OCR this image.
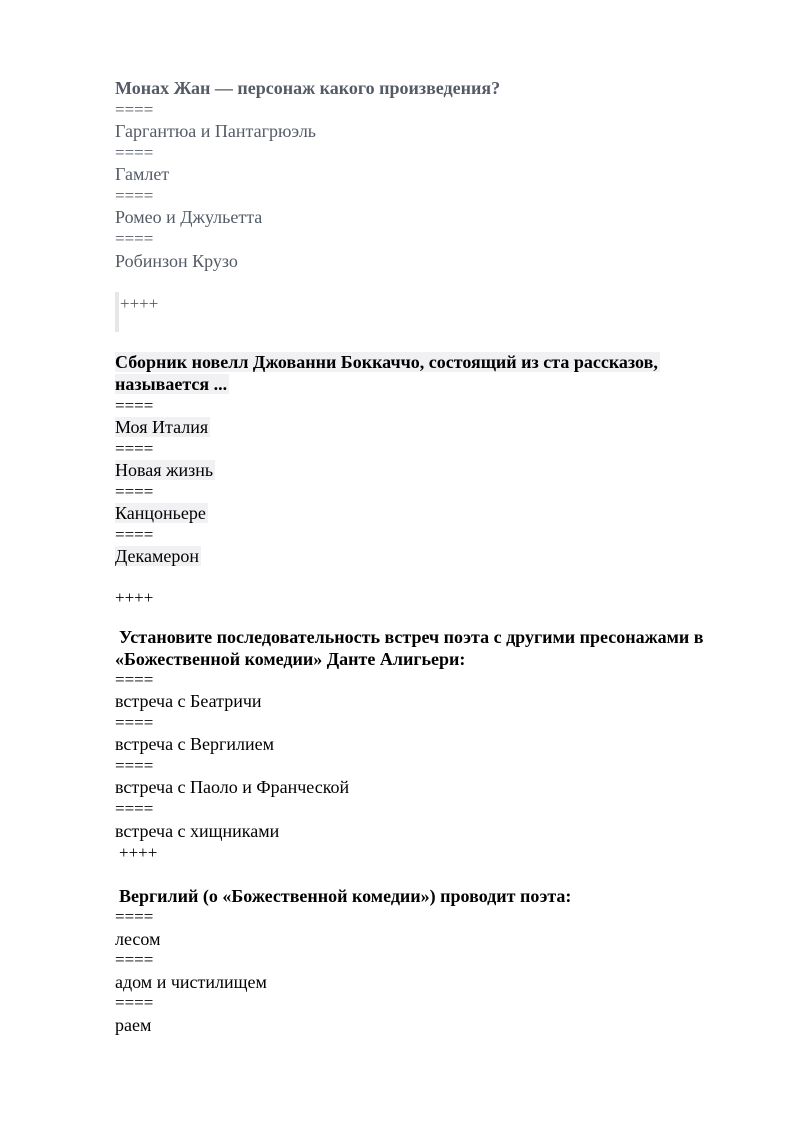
Монах Жан — персонаж какого произведения?
====
Гаргантюа и Пантагрюэль
====
Гамлет
====
Ромео и Джульетта
====
Робинзон Крузо
++++
Сборник новелл Джованни Боккаччо, состоящий из ста рассказов,
называется ...
====
Моя Италия
====
Новая жизнь
====
Канцоньере
====
Декамерон
++++
Установите последовательность встреч поэта с другими пресонажами в
«Божественной комедии» Данте Алигьери:
====
встреча с Беатричи
====
встреча с Вергилием
====
встреча с Паоло и Франческой
====
встреча с хищниками
++++
Вергилий (о «Божественной комедии») проводит поэта:
====
лесом
====
адом и чистилищем
====
раем
